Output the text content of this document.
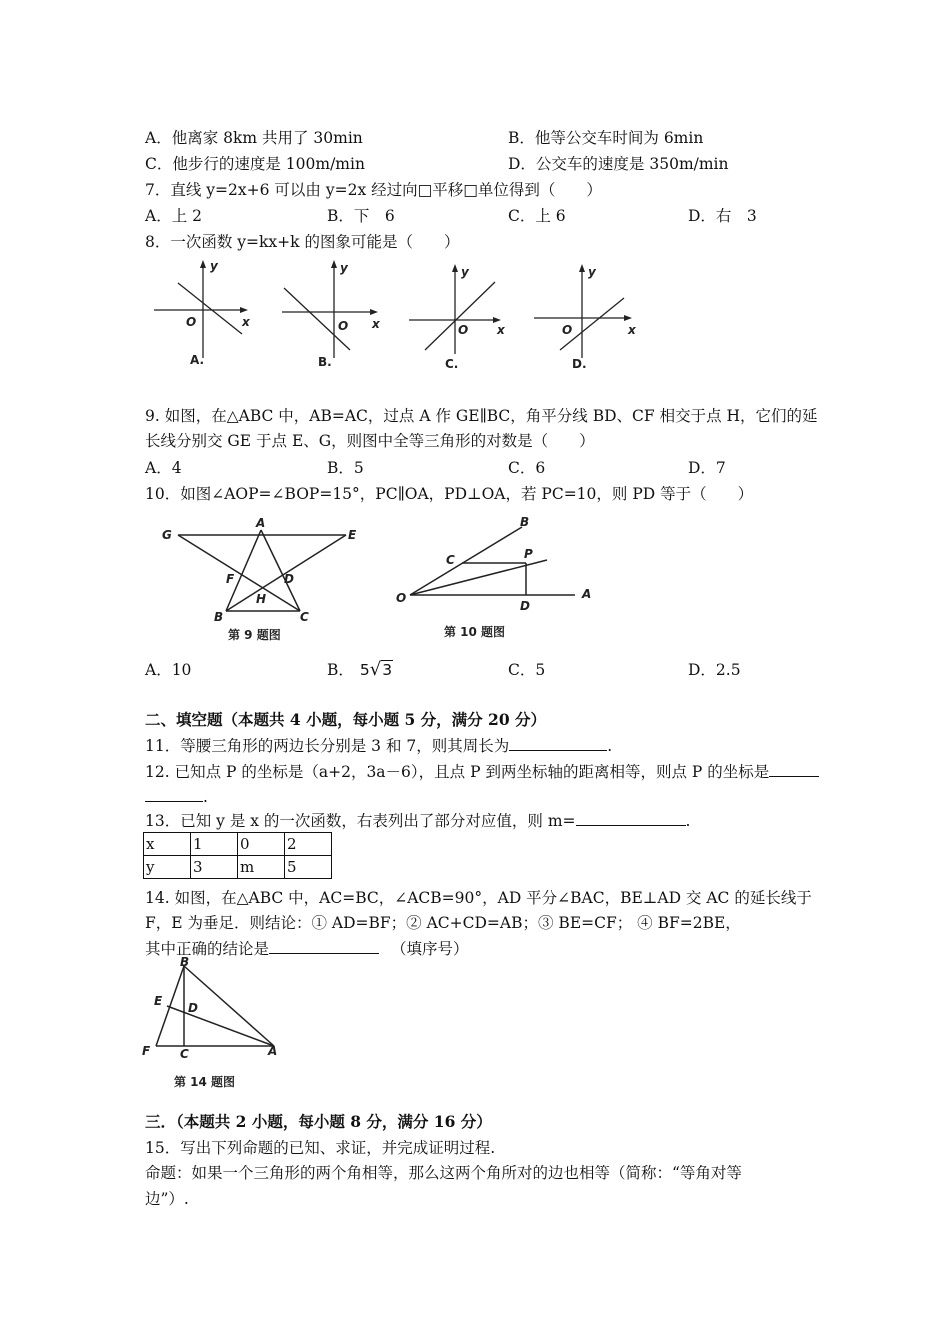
A．他离家 8km 共用了 30min	B．他等公交车时间为 6min
C．他步行的速度是 100m/min	D．公交车的速度是 350m/min
7．直线 y=2x+6 可以由 y=2x 经过向□平移□单位得到（　　）
A．上 2	B．下　6	C．上 6	D．右　3
8．一次函数 y=kx+k 的图象可能是（　　）
y
x
O
A.
y
x
O
B.
y
x
O
C.
y
x
O
D.
9. 如图，在△ABC 中，AB=AC，过点 A 作 GE∥BC，角平分线 BD、CF 相交于点 H，它们的延
长线分别交 GE 于点 E、G，则图中全等三角形的对数是（　　）
A．4	B．5	C．6	D．7
10．如图∠AOP=∠BOP=15°，PC∥OA，PD⊥OA，若 PC=10，则 PD 等于（　　）
G
A
E
F	D
H
B	C
第 9 题图
B
C	P
O
D
A
第 10 题图
A．10	B． 5√3	C．5	D．2.5
二、填空题（本题共 4 小题，每小题 5 分，满分 20 分）
11．等腰三角形的两边长分别是 3 和 7，则其周长为	.
12. 已知点 P 的坐标是（a+2，3a－6），且点 P 到两坐标轴的距离相等，则点 P 的坐标是
.
13．已知 y 是 x 的一次函数，右表列出了部分对应值，则 m=	.
x	1	0	2
y	3	m	5
14. 如图，在△ABC 中，AC=BC，∠ACB=90°，AD 平分∠BAC，BE⊥AD 交 AC 的延长线于
F，E 为垂足．则结论：① AD=BF；② AC+CD=AB；③ BE=CF； ④ BF=2BE，
其中正确的结论是	（填序号）
B
E D
F C	A
第 14 题图
三．（本题共 2 小题，每小题 8 分，满分 16 分）
15．写出下列命题的已知、求证，并完成证明过程.
命题：如果一个三角形的两个角相等，那么这两个角所对的边也相等（简称：“等角对等
边”）.
